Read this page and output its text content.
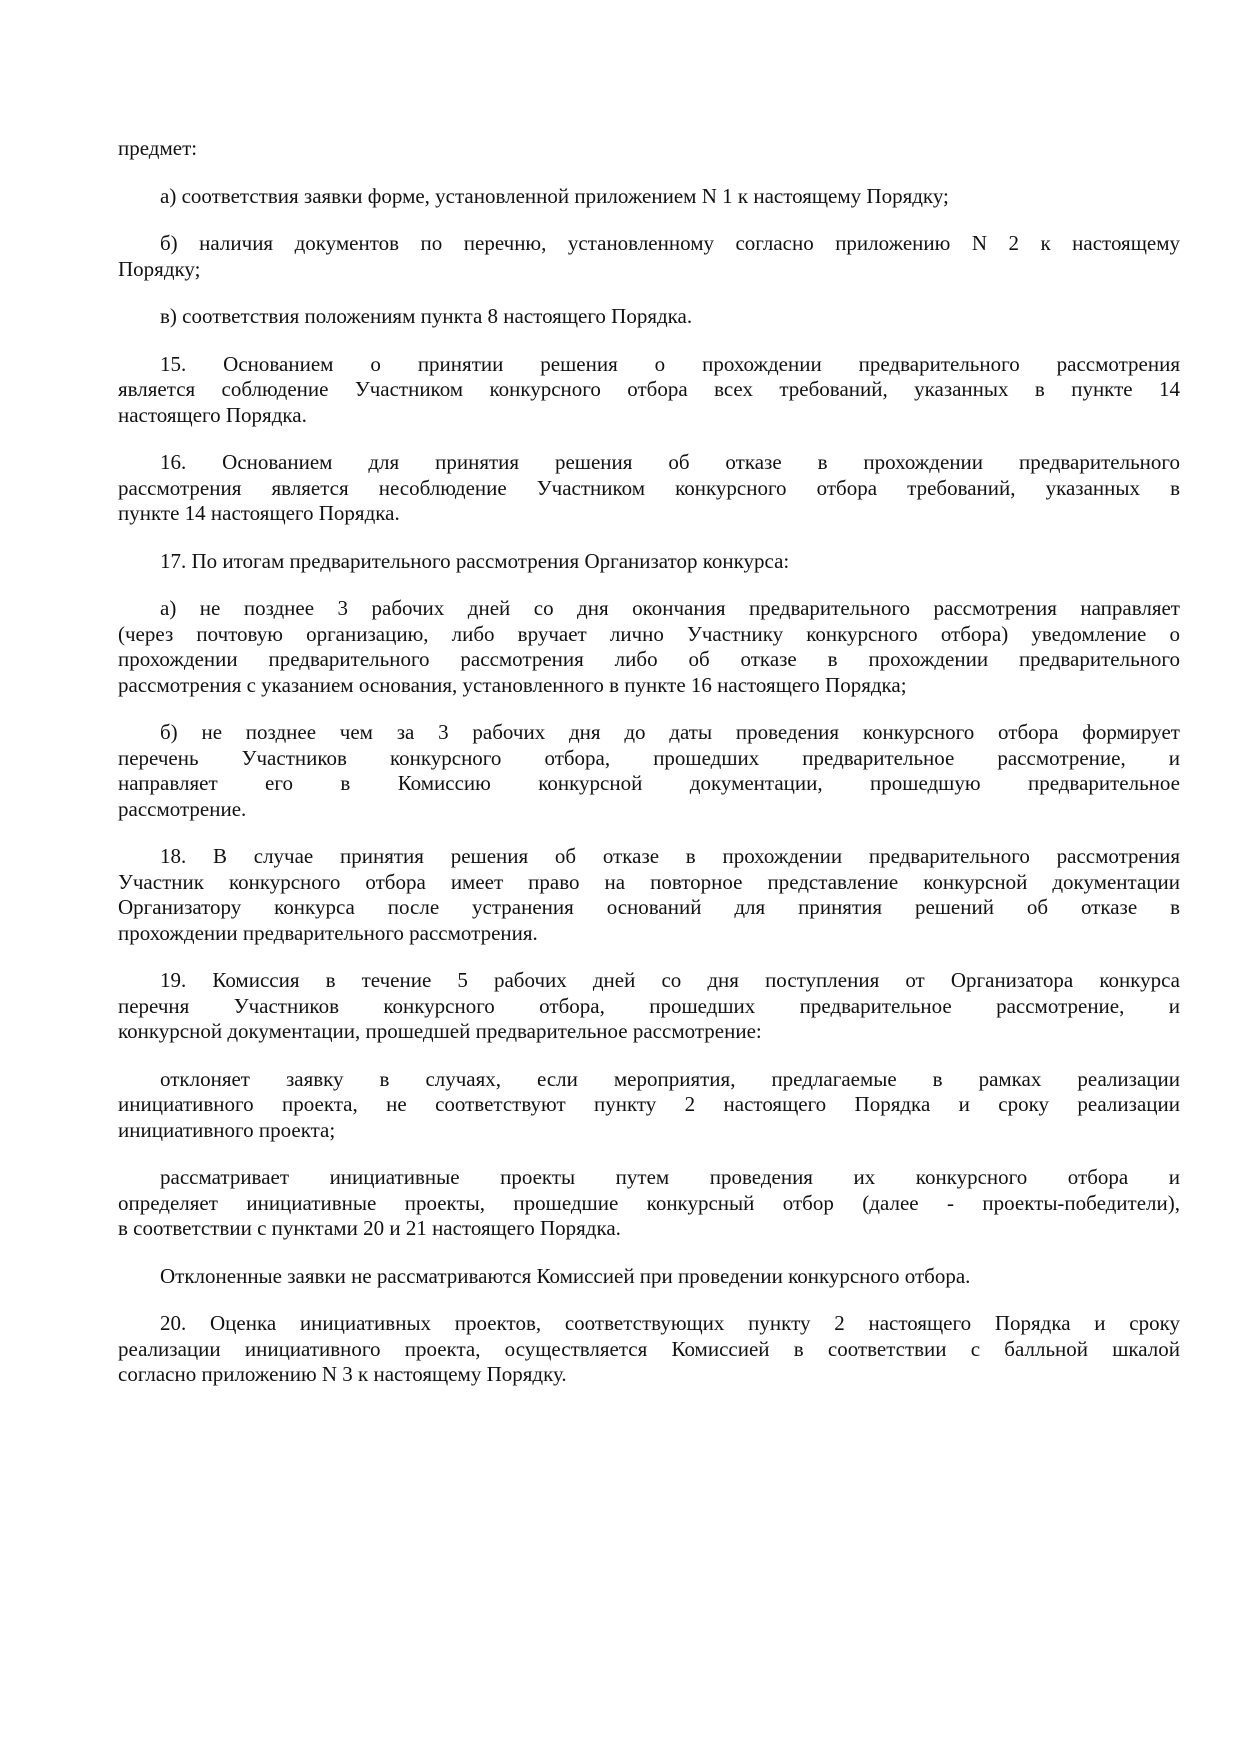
предмет:
а) соответствия заявки форме, установленной приложением N 1 к настоящему Порядку;
б) наличия документов по перечню, установленному согласно приложению N 2 к настоящему
Порядку;
в) соответствия положениям пункта 8 настоящего Порядка.
15. Основанием о принятии решения о прохождении предварительного рассмотрения
является соблюдение Участником конкурсного отбора всех требований, указанных в пункте 14
настоящего Порядка.
16. Основанием для принятия решения об отказе в прохождении предварительного
рассмотрения является несоблюдение Участником конкурсного отбора требований, указанных в
пункте 14 настоящего Порядка.
17. По итогам предварительного рассмотрения Организатор конкурса:
а) не позднее 3 рабочих дней со дня окончания предварительного рассмотрения направляет
(через почтовую организацию, либо вручает лично Участнику конкурсного отбора) уведомление о
прохождении предварительного рассмотрения либо об отказе в прохождении предварительного
рассмотрения с указанием основания, установленного в пункте 16 настоящего Порядка;
б) не позднее чем за 3 рабочих дня до даты проведения конкурсного отбора формирует
перечень Участников конкурсного отбора, прошедших предварительное рассмотрение, и
направляет его в Комиссию конкурсной документации, прошедшую предварительное
рассмотрение.
18. В случае принятия решения об отказе в прохождении предварительного рассмотрения
Участник конкурсного отбора имеет право на повторное представление конкурсной документации
Организатору конкурса после устранения оснований для принятия решений об отказе в
прохождении предварительного рассмотрения.
19. Комиссия в течение 5 рабочих дней со дня поступления от Организатора конкурса
перечня Участников конкурсного отбора, прошедших предварительное рассмотрение, и
конкурсной документации, прошедшей предварительное рассмотрение:
отклоняет заявку в случаях, если мероприятия, предлагаемые в рамках реализации
инициативного проекта, не соответствуют пункту 2 настоящего Порядка и сроку реализации
инициативного проекта;
рассматривает инициативные проекты путем проведения их конкурсного отбора и
определяет инициативные проекты, прошедшие конкурсный отбор (далее - проекты-победители),
в соответствии с пунктами 20 и 21 настоящего Порядка.
Отклоненные заявки не рассматриваются Комиссией при проведении конкурсного отбора.
20. Оценка инициативных проектов, соответствующих пункту 2 настоящего Порядка и сроку
реализации инициативного проекта, осуществляется Комиссией в соответствии с балльной шкалой
согласно приложению N 3 к настоящему Порядку.
